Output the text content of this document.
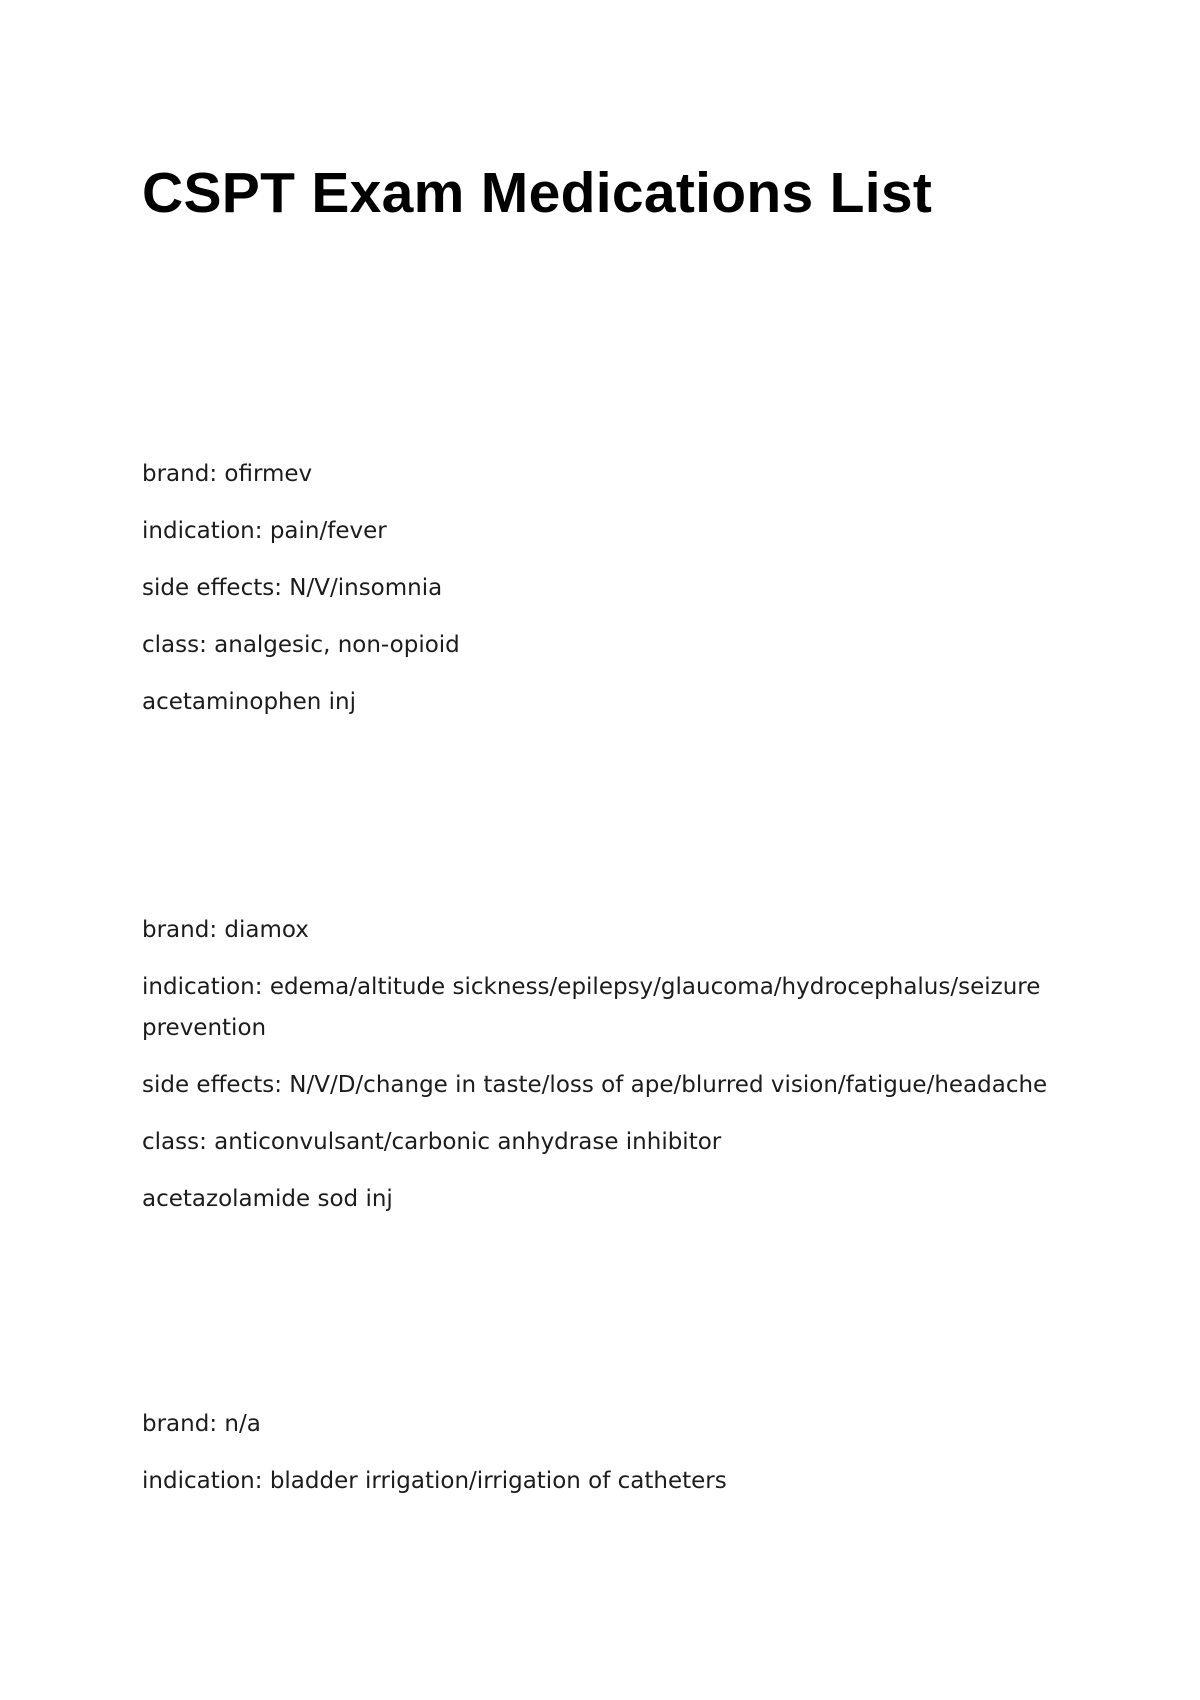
CSPT Exam Medications List

brand: ofirmev

indication: pain/fever

side effects: N/V/insomnia

class: analgesic, non-opioid

acetaminophen inj

brand: diamox

indication: edema/altitude sickness/epilepsy/glaucoma/hydrocephalus/seizure prevention

side effects: N/V/D/change in taste/loss of ape/blurred vision/fatigue/headache

class: anticonvulsant/carbonic anhydrase inhibitor

acetazolamide sod inj

brand: n/a

indication: bladder irrigation/irrigation of catheters
